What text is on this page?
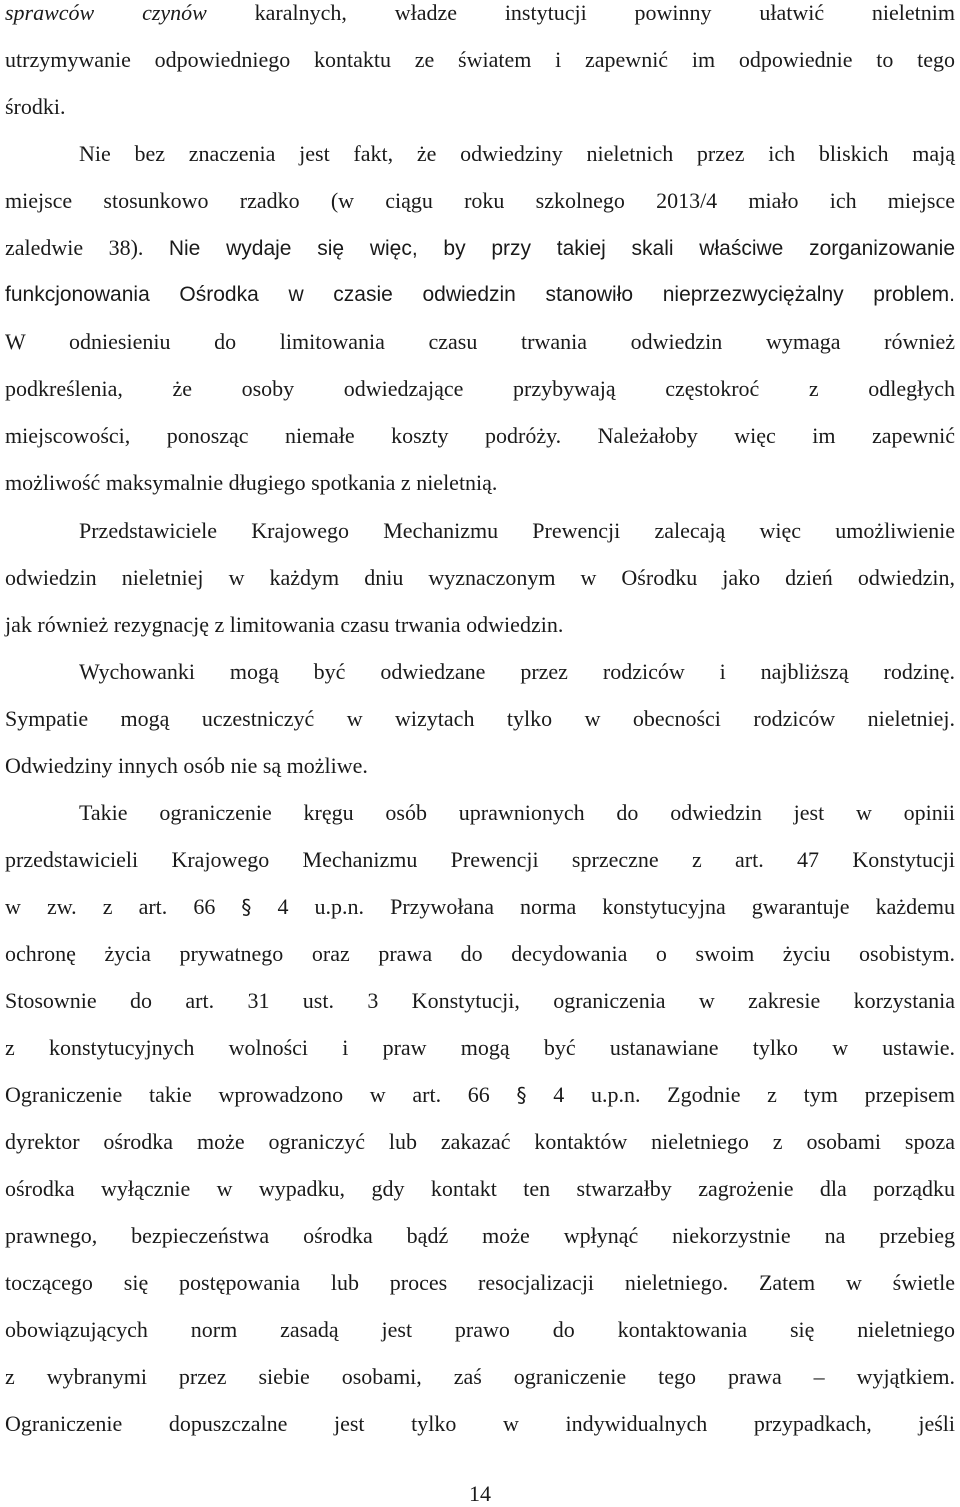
sprawców czynów karalnych, władze instytucji powinny ułatwić nieletnim
utrzymywanie odpowiedniego kontaktu ze światem i zapewnić im odpowiednie to tego
środki.
Nie bez znaczenia jest fakt, że odwiedziny nieletnich przez ich bliskich mają
miejsce stosunkowo rzadko (w ciągu roku szkolnego 2013/4 miało ich miejsce
zaledwie 38). Nie wydaje się więc, by przy takiej skali właściwe zorganizowanie
funkcjonowania Ośrodka w czasie odwiedzin stanowiło nieprzezwyciężalny problem.
W odniesieniu do limitowania czasu trwania odwiedzin wymaga również
podkreślenia, że osoby odwiedzające przybywają częstokroć z odległych
miejscowości, ponosząc niemałe koszty podróży. Należałoby więc im zapewnić
możliwość maksymalnie długiego spotkania z nieletnią.
Przedstawiciele Krajowego Mechanizmu Prewencji zalecają więc umożliwienie
odwiedzin nieletniej w każdym dniu wyznaczonym w Ośrodku jako dzień odwiedzin,
jak również rezygnację z limitowania czasu trwania odwiedzin.
Wychowanki mogą być odwiedzane przez rodziców i najbliższą rodzinę.
Sympatie mogą uczestniczyć w wizytach tylko w obecności rodziców nieletniej.
Odwiedziny innych osób nie są możliwe.
Takie ograniczenie kręgu osób uprawnionych do odwiedzin jest w opinii
przedstawicieli Krajowego Mechanizmu Prewencji sprzeczne z art. 47 Konstytucji
w zw. z art. 66 § 4 u.p.n. Przywołana norma konstytucyjna gwarantuje każdemu
ochronę życia prywatnego oraz prawa do decydowania o swoim życiu osobistym.
Stosownie do art. 31 ust. 3 Konstytucji, ograniczenia w zakresie korzystania
z konstytucyjnych wolności i praw mogą być ustanawiane tylko w ustawie.
Ograniczenie takie wprowadzono w art. 66 § 4 u.p.n. Zgodnie z tym przepisem
dyrektor ośrodka może ograniczyć lub zakazać kontaktów nieletniego z osobami spoza
ośrodka wyłącznie w wypadku, gdy kontakt ten stwarzałby zagrożenie dla porządku
prawnego, bezpieczeństwa ośrodka bądź może wpłynąć niekorzystnie na przebieg
toczącego się postępowania lub proces resocjalizacji nieletniego. Zatem w świetle
obowiązujących norm zasadą jest prawo do kontaktowania się nieletniego
z wybranymi przez siebie osobami, zaś ograniczenie tego prawa – wyjątkiem.
Ograniczenie dopuszczalne jest tylko w indywidualnych przypadkach, jeśli
14
